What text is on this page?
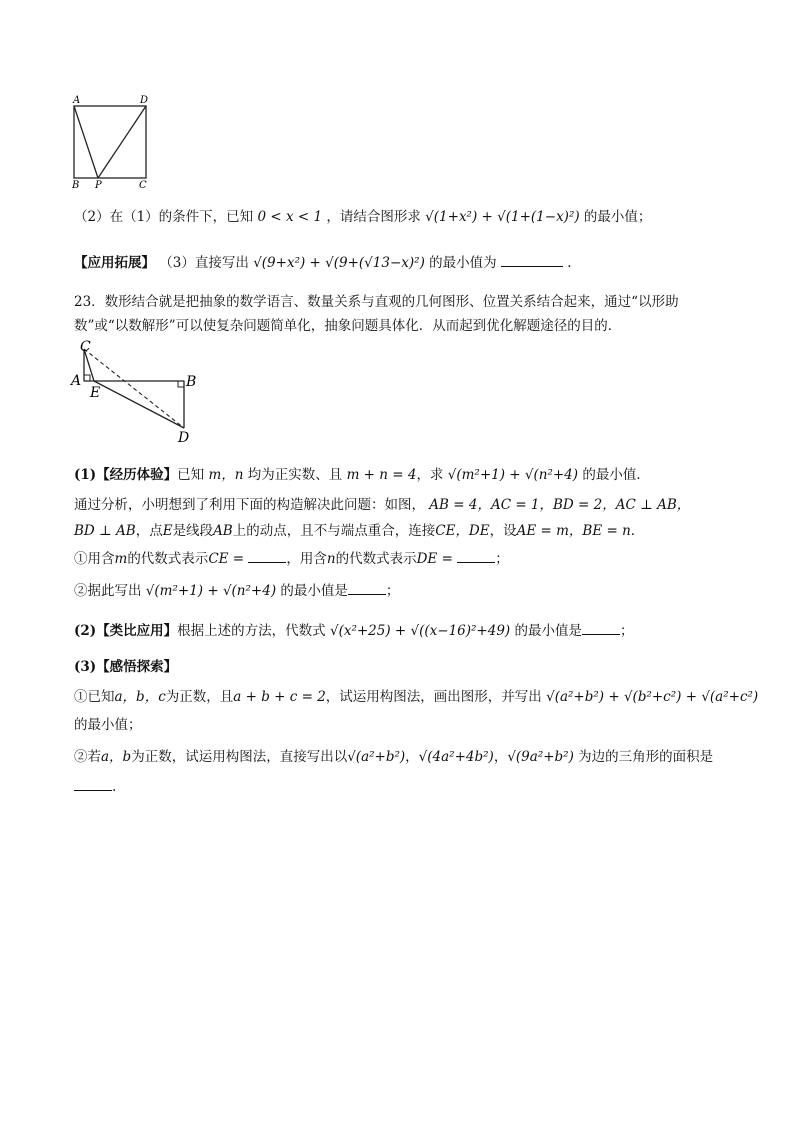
A	D
B P	C
（2）在（1）的条件下，已知 0 < x < 1 ，请结合图形求 √(1+x²) + √(1+(1−x)²) 的最小值；
【应用拓展】 （3）直接写出 √(9+x²) + √(9+(√13−x)²) 的最小值为	.
23．数形结合就是把抽象的数学语言、数量关系与直观的几何图形、位置关系结合起来，通过“以形助
数”或“以数解形”可以使复杂问题简单化，抽象问题具体化．从而起到优化解题途径的目的．
C
A
E
B
D
(1)【经历体验】已知 m，n 均为正实数、且 m + n = 4，求 √(m²+1) + √(n²+4) 的最小值．
通过分析，小明想到了利用下面的构造解决此问题：如图， AB = 4，AC = 1，BD = 2，AC ⊥ AB，
BD ⊥ AB，点E是线段AB上的动点，且不与端点重合，连接CE，DE，设AE = m，BE = n．
①用含m的代数式表示CE =	，用含n的代数式表示DE =	；
②据此写出 √(m²+1) + √(n²+4) 的最小值是	；
(2)【类比应用】根据上述的方法，代数式 √(x²+25) + √((x−16)²+49) 的最小值是	；
(3)【感悟探索】
①已知a，b，c为正数，且a + b + c = 2，试运用构图法，画出图形，并写出 √(a²+b²) + √(b²+c²) + √(a²+c²)
的最小值；
②若a，b为正数，试运用构图法，直接写出以√(a²+b²)，√(4a²+4b²)，√(9a²+b²) 为边的三角形的面积是
.
